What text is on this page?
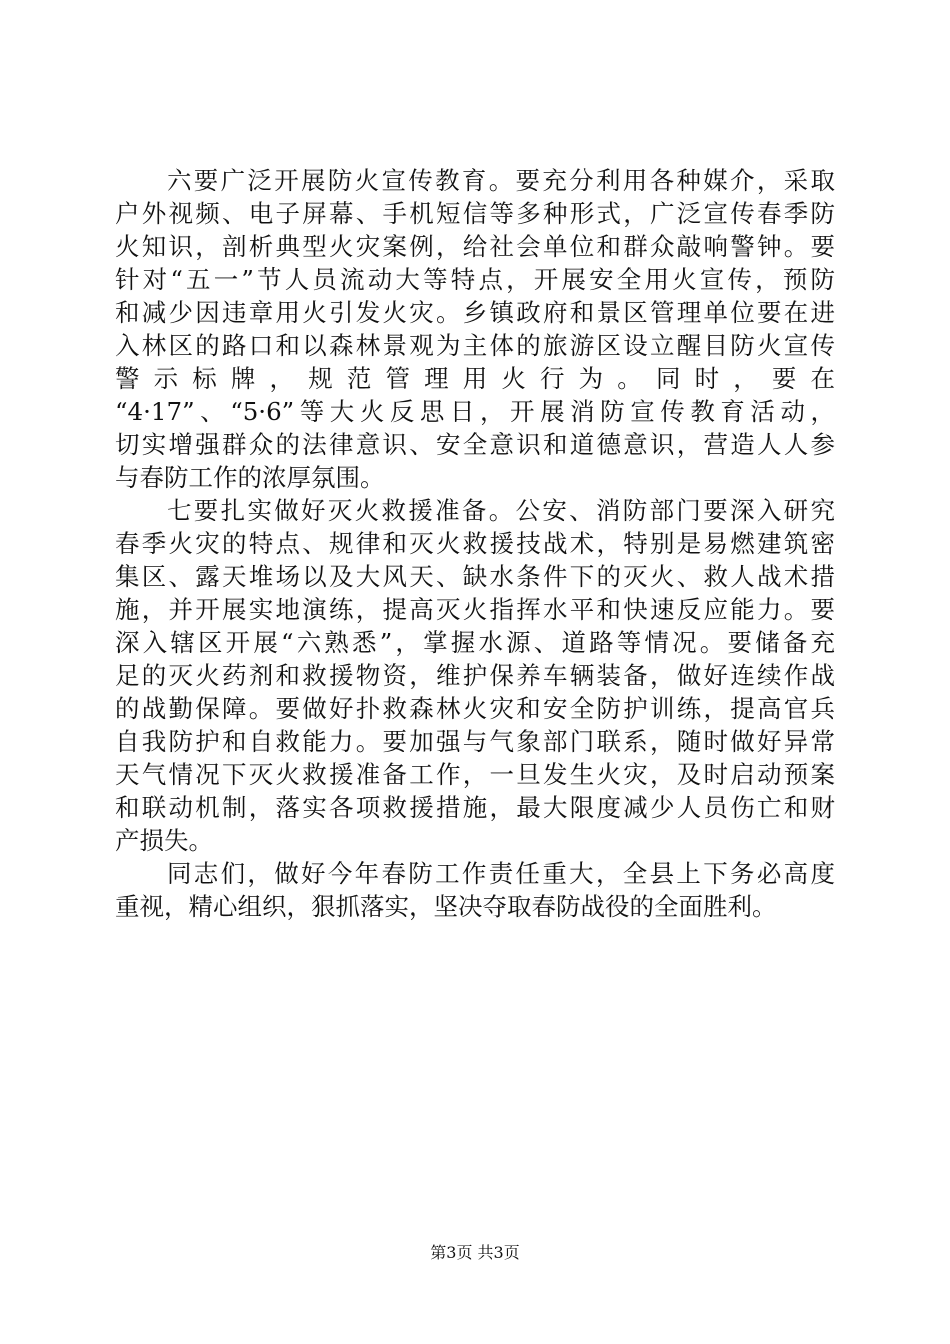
六要广泛开展防火宣传教育。要充分利用各种媒介，采取
户外视频、电子屏幕、手机短信等多种形式，广泛宣传春季防
火知识，剖析典型火灾案例，给社会单位和群众敲响警钟。要
针对“五一”节人员流动大等特点，开展安全用火宣传，预防
和减少因违章用火引发火灾。乡镇政府和景区管理单位要在进
入林区的路口和以森林景观为主体的旅游区设立醒目防火宣传
警示标牌，规范管理用火行为。同时，要在
“4·17”、“5·6”等大火反思日，开展消防宣传教育活动，
切实增强群众的法律意识、安全意识和道德意识，营造人人参
与春防工作的浓厚氛围。
七要扎实做好灭火救援准备。公安、消防部门要深入研究
春季火灾的特点、规律和灭火救援技战术，特别是易燃建筑密
集区、露天堆场以及大风天、缺水条件下的灭火、救人战术措
施，并开展实地演练，提高灭火指挥水平和快速反应能力。要
深入辖区开展“六熟悉”，掌握水源、道路等情况。要储备充
足的灭火药剂和救援物资，维护保养车辆装备，做好连续作战
的战勤保障。要做好扑救森林火灾和安全防护训练，提高官兵
自我防护和自救能力。要加强与气象部门联系，随时做好异常
天气情况下灭火救援准备工作，一旦发生火灾，及时启动预案
和联动机制，落实各项救援措施，最大限度减少人员伤亡和财
产损失。
同志们，做好今年春防工作责任重大，全县上下务必高度
重视，精心组织，狠抓落实，坚决夺取春防战役的全面胜利。
第3页 共3页
